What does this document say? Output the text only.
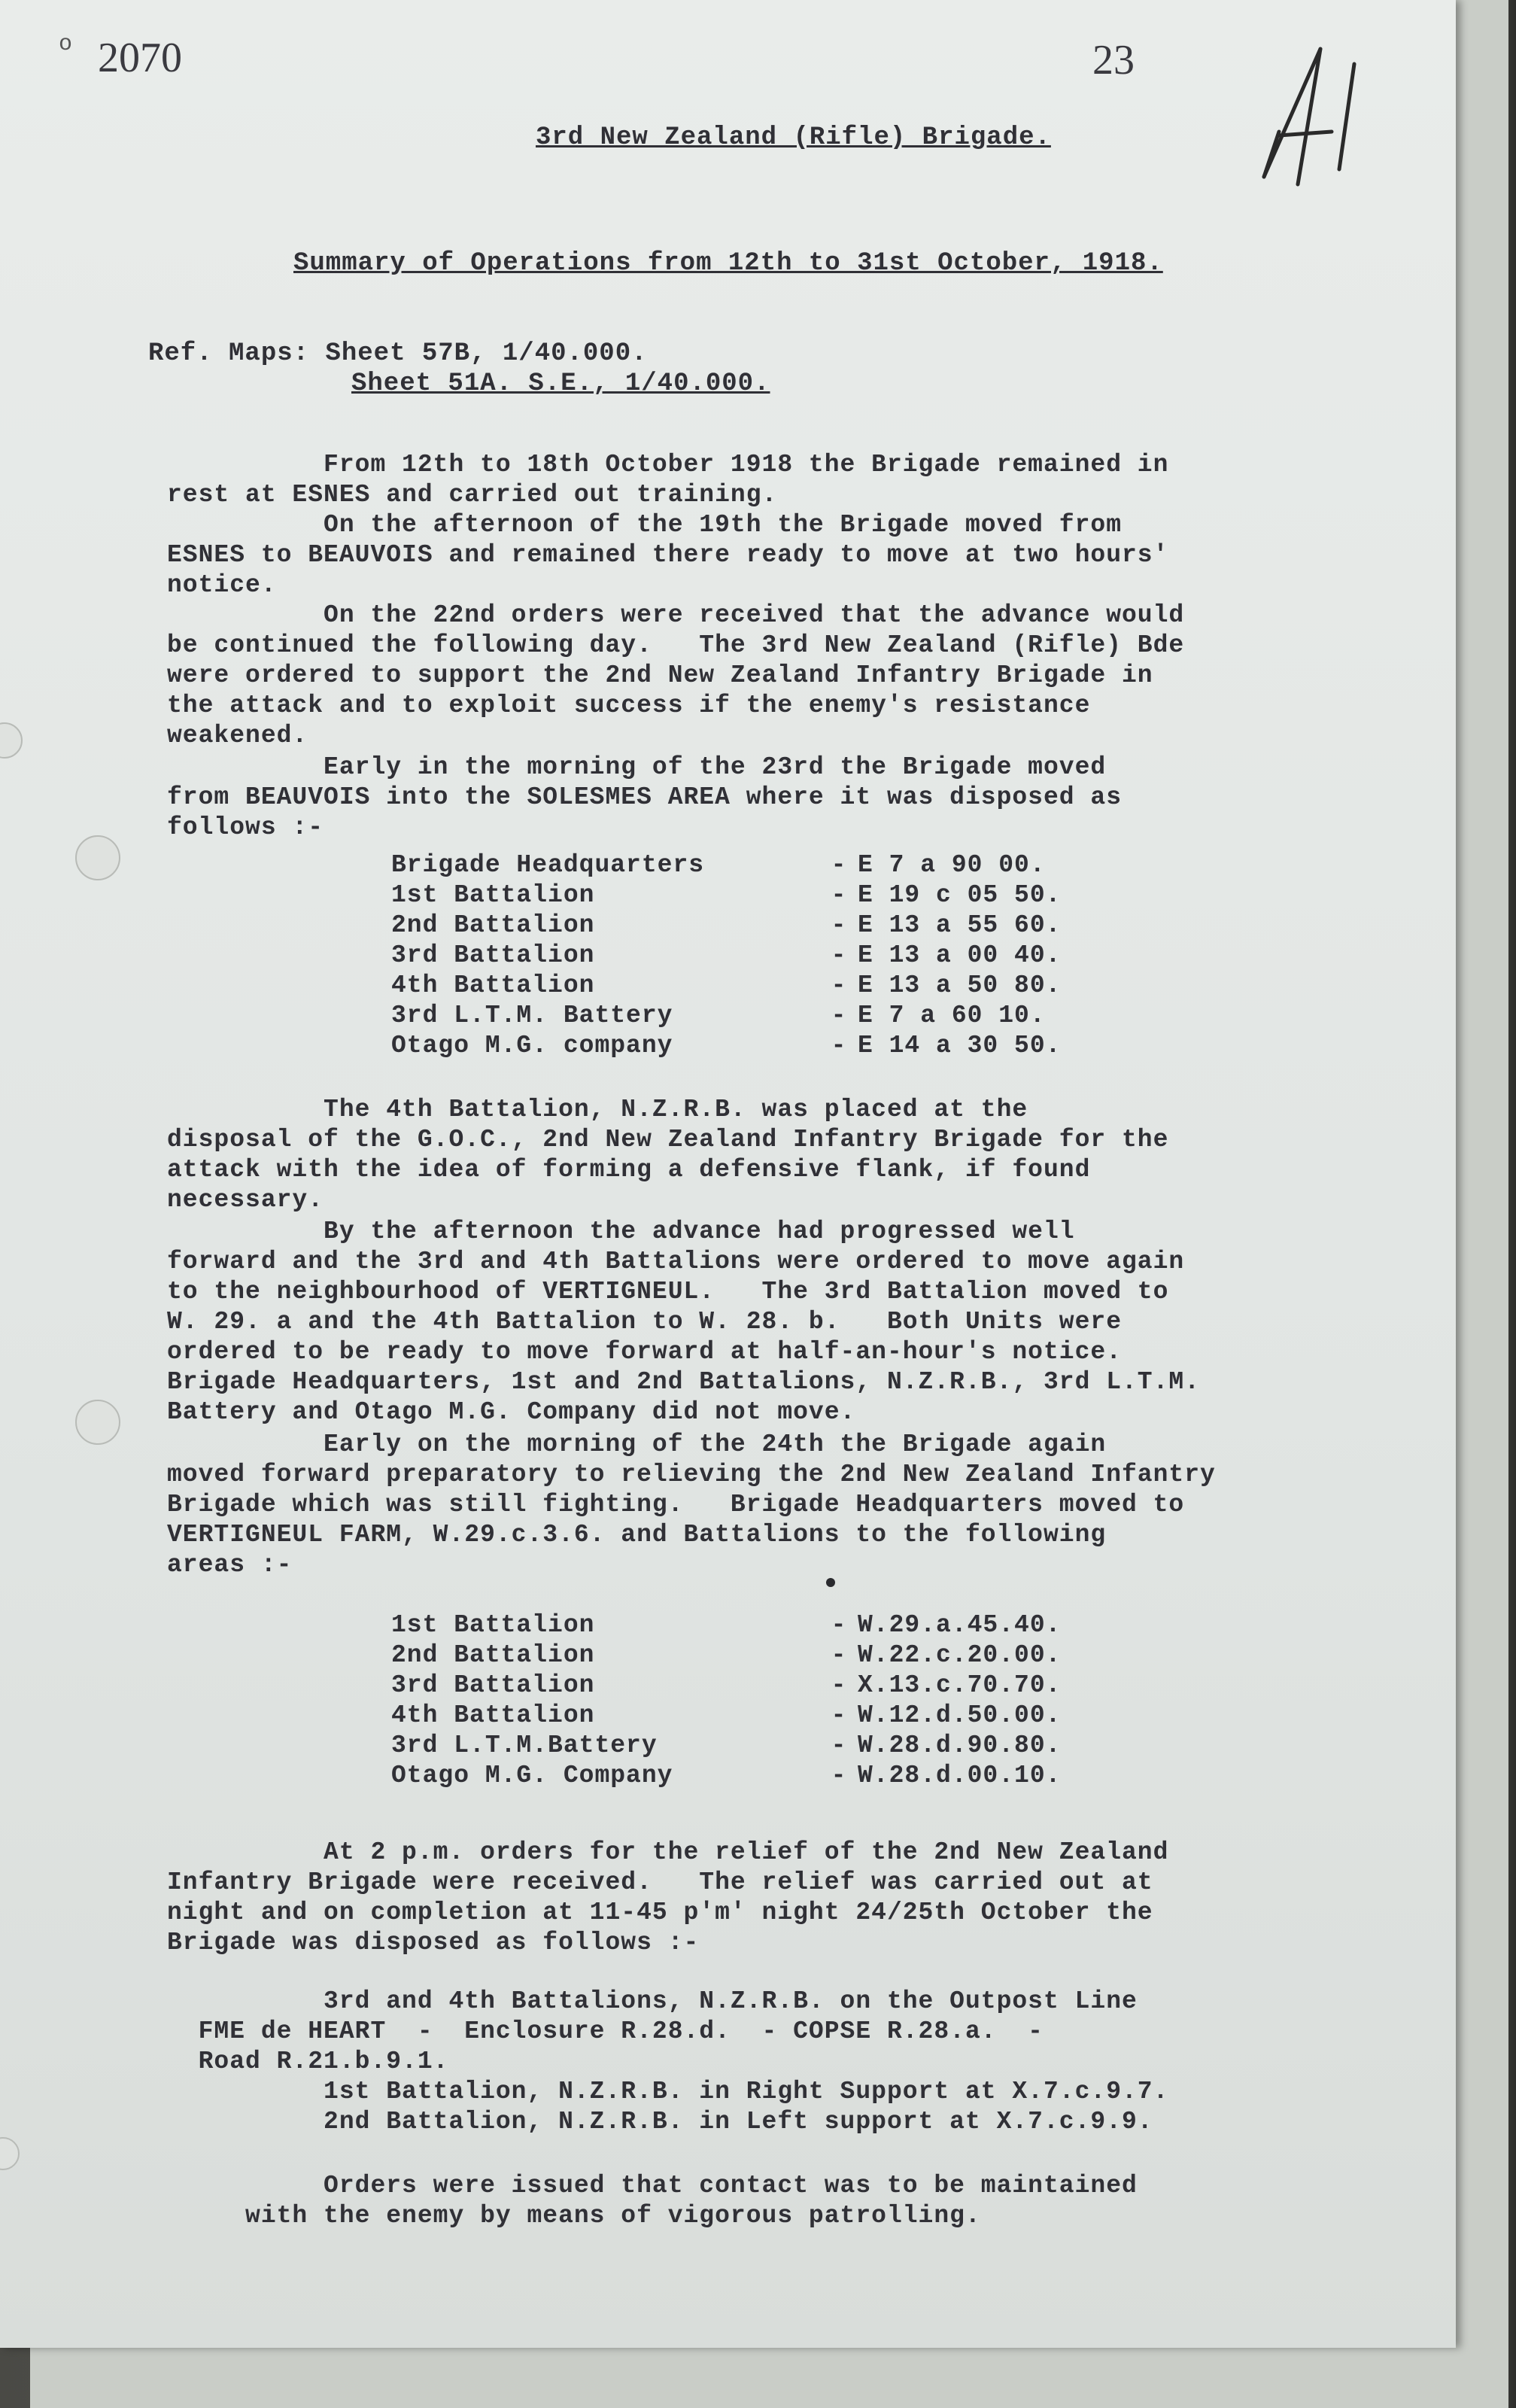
o 2070	23	1A
3rd New Zealand (Rifle) Brigade.
Summary of Operations from 12th to 31st October, 1918.
Ref. Maps: Sheet 57B, 1/40.000.
Sheet 51A. S.E., 1/40.000.
From 12th to 18th October 1918 the Brigade remained in
rest at ESNES and carried out training.
On the afternoon of the 19th the Brigade moved from
ESNES to BEAUVOIS and remained there ready to move at two hours'
notice.
On the 22nd orders were received that the advance would
be continued the following day.   The 3rd New Zealand (Rifle) Bde
were ordered to support the 2nd New Zealand Infantry Brigade in
the attack and to exploit success if the enemy's resistance
weakened.
Early in the morning of the 23rd the Brigade moved
from BEAUVOIS into the SOLESMES AREA where it was disposed as
follows :-
Brigade Headquarters	-	E 7 a 90 00.
1st Battalion	-	E 19 c 05 50.
2nd Battalion	-	E 13 a 55 60.
3rd Battalion	-	E 13 a 00 40.
4th Battalion	-	E 13 a 50 80.
3rd L.T.M. Battery	-	E 7 a 60 10.
Otago M.G. company	-	E 14 a 30 50.
The 4th Battalion, N.Z.R.B. was placed at the
disposal of the G.O.C., 2nd New Zealand Infantry Brigade for the
attack with the idea of forming a defensive flank, if found
necessary.
By the afternoon the advance had progressed well
forward and the 3rd and 4th Battalions were ordered to move again
to the neighbourhood of VERTIGNEUL.   The 3rd Battalion moved to
W. 29. a and the 4th Battalion to W. 28. b.   Both Units were
ordered to be ready to move forward at half-an-hour's notice.
Brigade Headquarters, 1st and 2nd Battalions, N.Z.R.B., 3rd L.T.M.
Battery and Otago M.G. Company did not move.
Early on the morning of the 24th the Brigade again
moved forward preparatory to relieving the 2nd New Zealand Infantry
Brigade which was still fighting.   Brigade Headquarters moved to
VERTIGNEUL FARM, W.29.c.3.6. and Battalions to the following
areas :-
1st Battalion	-	W.29.a.45.40.
2nd Battalion	-	W.22.c.20.00.
3rd Battalion	-	X.13.c.70.70.
4th Battalion	-	W.12.d.50.00.
3rd L.T.M.Battery	-	W.28.d.90.80.
Otago M.G. Company	-	W.28.d.00.10.
At 2 p.m. orders for the relief of the 2nd New Zealand
Infantry Brigade were received.   The relief was carried out at
night and on completion at 11-45 p'm' night 24/25th October the
Brigade was disposed as follows :-
3rd and 4th Battalions, N.Z.R.B. on the Outpost Line
FME de HEART  -  Enclosure R.28.d.  - COPSE R.28.a.  -
Road R.21.b.9.1.
1st Battalion, N.Z.R.B. in Right Support at X.7.c.9.7.
2nd Battalion, N.Z.R.B. in Left support at X.7.c.9.9.
Orders were issued that contact was to be maintained
with the enemy by means of vigorous patrolling.
